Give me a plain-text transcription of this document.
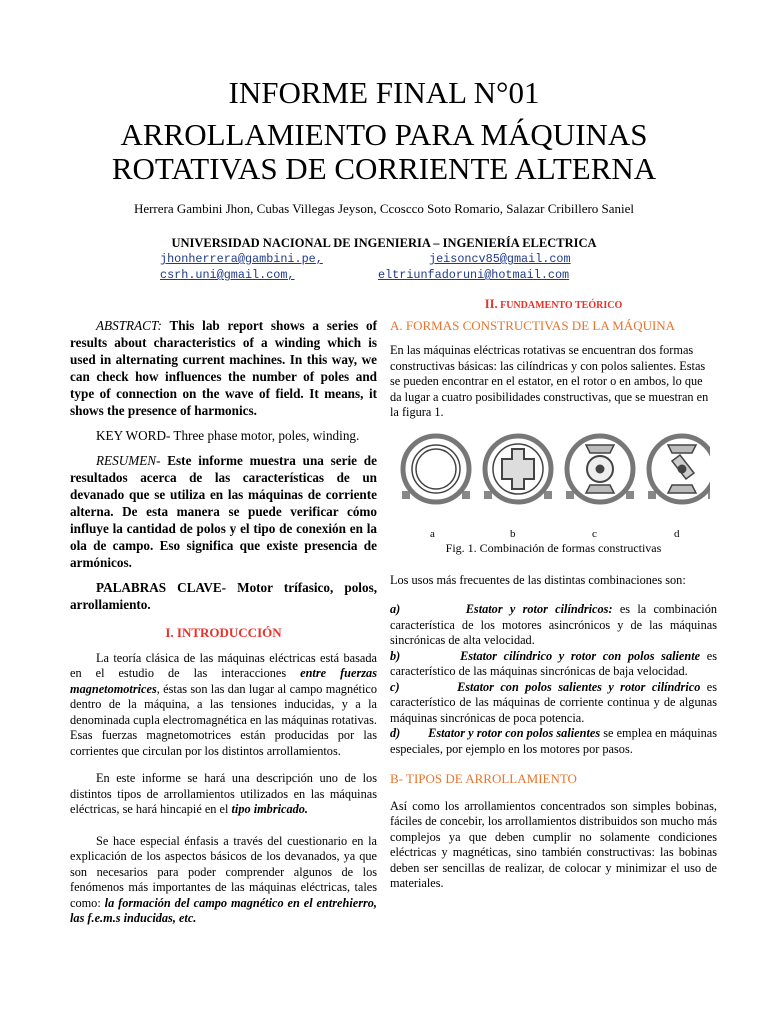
INFORME FINAL N°01
ARROLLAMIENTO PARA MÁQUINAS
ROTATIVAS DE CORRIENTE ALTERNA
Herrera Gambini Jhon, Cubas Villegas Jeyson, Ccoscco Soto Romario, Salazar Cribillero Saniel
UNIVERSIDAD NACIONAL DE INGENIERIA – INGENIERÍA ELECTRICA
jhonherrera@gambini.pe,	jeisoncv85@gmail.com
csrh.uni@gmail.com,	eltriunfadoruni@hotmail.com

ABSTRACT: This lab report shows a series of results about characteristics of a winding which is used in alternating current machines. In this way, we can check how influences the number of poles and type of connection on the wave of field. It means, it shows the presence of harmonics.

KEY WORD- Three phase motor, poles, winding.

RESUMEN- Este informe muestra una serie de resultados acerca de las características de un devanado que se utiliza en las máquinas de corriente alterna. De esta manera se puede verificar cómo influye la cantidad de polos y el tipo de conexión en la ola de campo. Eso significa que existe presencia de armónicos.

PALABRAS CLAVE- Motor trífasico, polos, arrollamiento.

I. INTRODUCCIÓN

La teoría clásica de las máquinas eléctricas está basada en el estudio de las interacciones entre fuerzas magnetomotrices, éstas son las dan lugar al campo magnético dentro de la máquina, a las tensiones inducidas, y a la denominada cupla electromagnética en las máquinas rotativas. Esas fuerzas magnetomotrices están producidas por las corrientes que circulan por los distintos arrollamientos.

En este informe se hará una descripción uno de los distintos tipos de arrollamientos utilizados en las máquinas eléctricas, se hará hincapié en el tipo imbricado.

Se hace especial énfasis a través del cuestionario en la explicación de los aspectos básicos de los devanados, ya que son necesarios para poder comprender algunos de los fenómenos más importantes de las máquinas eléctricas, tales como: la formación del campo magnético en el entrehierro, las f.e.m.s inducidas, etc.

II. FUNDAMENTO TEÓRICO
A. FORMAS CONSTRUCTIVAS DE LA MÁQUINA

En las máquinas eléctricas rotativas se encuentran dos formas constructivas básicas: las cilíndricas y con polos salientes. Estas se pueden encontrar en el estator, en el rotor o en ambos, lo que da lugar a cuatro posibilidades constructivas, que se muestran en la figura 1.

a	b	c	d
Fig. 1. Combinación de formas constructivas

Los usos más frecuentes de las distintas combinaciones son:

a)	Estator y rotor cilíndricos: es la combinación característica de los motores asincrónicos y de las máquinas sincrónicas de alta velocidad.

b)	Estator cilíndrico y rotor con polos saliente es característico de las máquinas sincrónicas de baja velocidad.

c)	Estator con polos salientes y rotor cilíndrico es característico de las máquinas de corriente continua y de algunas máquinas sincrónicas de poca potencia.

d) Estator y rotor con polos salientes se emplea en máquinas especiales, por ejemplo en los motores por pasos.

B- TIPOS DE ARROLLAMIENTO

Así como los arrollamientos concentrados son simples bobinas, fáciles de concebir, los arrollamientos distribuidos son mucho más complejos ya que deben cumplir no solamente condiciones eléctricas y magnéticas, sino también constructivas: las bobinas deben ser sencillas de realizar, de colocar y minimizar el uso de materiales.
